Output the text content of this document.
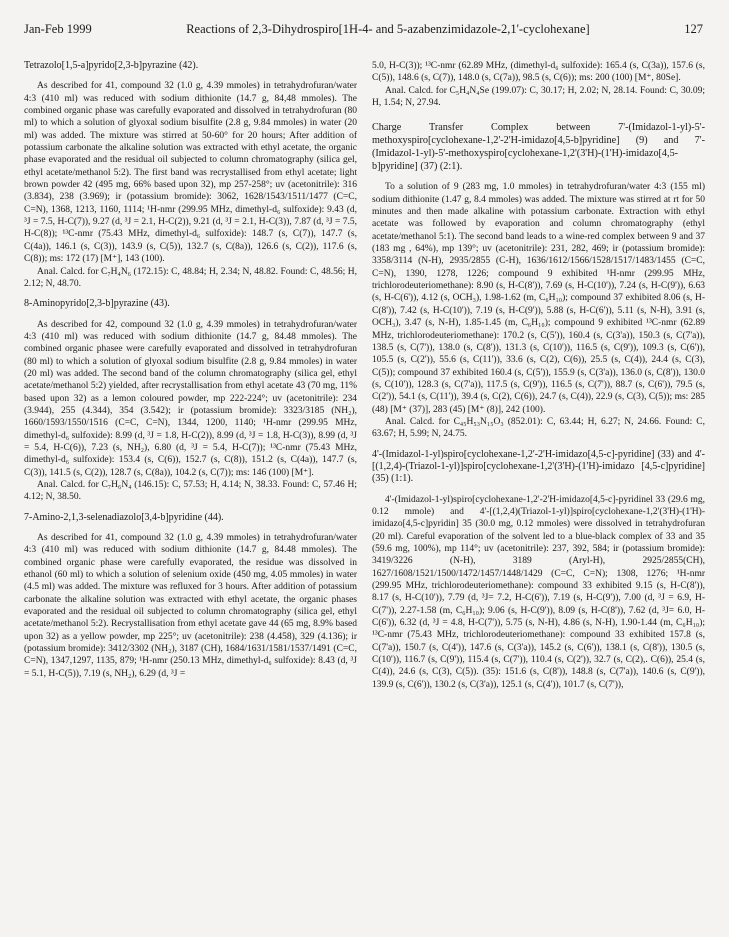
Jan-Feb 1999	Reactions of 2,3-Dihydrospiro[1H-4- and 5-azabenzimidazole-2,1'-cyclohexane]	127

Tetrazolo[1,5-a]pyrido[2,3-b]pyrazine (42).

As described for 41, compound 32 (1.0 g, 4.39 mmoles) in tetrahydrofuran/water 4:3 (410 ml) was reduced with sodium dithionite (14.7 g, 84,48 mmoles). The combined organic phase was carefully evaporated and dissolved in tetrahydrofuran (80 ml) to which a solution of glyoxal sodium bisulfite (2.8 g, 9.84 mmoles) in water (20 ml) was added. The mixture was stirred at 50-60° for 20 hours; After addition of potassium carbonate the alkaline solution was extracted with ethyl acetate, the organic phase evaporated and the residual oil subjected to column chromatography (silica gel, ethyl acetate/methanol 5:2). The first band was recrystallised from ethyl acetate; light brown powder 42 (495 mg, 66% based upon 32), mp 257-258°; uv (acetonitrile): 316 (3.834), 238 (3.969); ir (potassium bromide): 3062, 1628/1543/1511/1477 (C=C, C=N), 1368, 1213, 1160, 1114; ¹H-nmr (299.95 MHz, dimethyl-d₆ sulfoxide): 9.43 (d, ³J = 7.5, H-C(7)), 9.27 (d, ³J = 2.1, H-C(2)), 9.21 (d, ³J = 2.1, H-C(3)), 7.87 (d, ³J = 7.5, H-C(8)); ¹³C-nmr (75.43 MHz, dimethyl-d₆ sulfoxide): 148.7 (s, C(7)), 147.7 (s, C(4a)), 146.1 (s, C(3)), 143.9 (s, C(5)), 132.7 (s, C(8a)), 126.6 (s, C(2)), 117.6 (s, C(8)); ms: 172 (17) [M⁺], 143 (100).

Anal. Calcd. for C₇H₄N₆ (172.15): C, 48.84; H, 2.34; N, 48.82. Found: C, 48.56; H, 2.12; N, 48.70.

8-Aminopyrido[2,3-b]pyrazine (43).

As described for 42, compound 32 (1.0 g, 4.39 mmoles) in tetrahydrofuran/water 4:3 (410 ml) was reduced with sodium dithionite (14.7 g, 84.48 mmoles). The combined organic phasee were carefully evaporated and dissolved in tetrahydrofuran (80 ml) to which a solution of glyoxal sodium bisulfite (2.8 g, 9.84 mmoles) in water (20 ml) was added. The second band of the column chromatography (silica gel, ethyl acetate/methanol 5:2) yielded, after recrystallisation from ethyl acetate 43 (70 mg, 11% based upon 32) as a lemon coloured powder, mp 222-224°; uv (acetonitrile): 234 (3.944), 255 (4.344), 354 (3.542); ir (potassium bromide): 3323/3185 (NH₂), 1660/1593/1550/1516 (C=C, C=N), 1344, 1200, 1140; ¹H-nmr (299.95 MHz, dimethyl-d₆ sulfoxide): 8.99 (d, ³J = 1.8, H-C(2)), 8.99 (d, ³J = 1.8, H-C(3)), 8.99 (d, ³J = 5.4, H-C(6)), 7.23 (s, NH₂), 6.80 (d, ³J = 5.4, H-C(7)); ¹³C-nmr (75.43 MHz, dimethyl-d₆ sulfoxide): 153.4 (s, C(6)), 152.7 (s, C(8)), 151.2 (s, C(4a)), 147.7 (s, C(3)), 141.5 (s, C(2)), 128.7 (s, C(8a)), 104.2 (s, C(7)); ms: 146 (100) [M⁺].

Anal. Calcd. for C₇H₆N₄ (146.15): C, 57.53; H, 4.14; N, 38.33. Found: C, 57.46 H; 4.12; N, 38.50.

7-Amino-2,1,3-selenadiazolo[3,4-b]pyridine (44).

As described for 41, compound 32 (1.0 g, 4.39 mmoles) in tetrahydrofuran/water 4:3 (410 ml) was reduced with sodium dithionite (14.7 g, 84.48 mmoles). The combined organic phase were carefully evaporated, the residue was dissolved in ethanol (60 ml) to which a solution of selenium oxide (450 mg, 4.05 mmoles) in water (4.5 ml) was added. The mixture was refluxed for 3 hours. After addition of potassium carbonate the alkaline solution was extracted with ethyl acetate, the organic phases evaporated and the residual oil subjected to column chromatography (silica gel, ethyl acetate/methanol 5:2). Recrystallisation from ethyl acetate gave 44 (65 mg, 8.9% based upon 32) as a yellow powder, mp 225°; uv (acetonitrile): 238 (4.458), 329 (4.136); ir (potassium bromide): 3412/3302 (NH₂), 3187 (CH), 1684/1631/1581/1537/1491 (C=C, C=N), 1347,1297, 1135, 879; ¹H-nmr (250.13 MHz, dimethyl-d₆ sulfoxide): 8.43 (d, ³J = 5.1, H-C(5)), 7.19 (s, NH₂), 6.29 (d, ³J =

5.0, H-C(3)); ¹³C-nmr (62.89 MHz, (dimethyl-d₆ sulfoxide): 165.4 (s, C(3a)), 157.6 (s, C(5)), 148.6 (s, C(7)), 148.0 (s, C(7a)), 98.5 (s, C(6)); ms: 200 (100) [M⁺, 80Se].

Anal. Calcd. for C₅H₄N₄Se (199.07): C, 30.17; H, 2.02; N, 28.14. Found: C, 30.09; H, 1.54; N, 27.94.

Charge Transfer Complex between 7'-(Imidazol-1-yl)-5'-methoxyspiro[cyclohexane-1,2'-2'H-imidazo[4,5-b]pyridine] (9) and 7'-(Imidazol-1-yl)-5'-methoxyspiro[cyclohexane-1,2'(3'H)-(1'H)-imidazo[4,5-b]pyridine] (37) (2:1).

To a solution of 9 (283 mg, 1.0 mmoles) in tetrahydrofuran/water 4:3 (155 ml) sodium dithionite (1.47 g, 8.4 mmoles) was added. The mixture was stirred at rt for 50 minutes and then made alkaline with potassium carbonate. Extraction with ethyl acetate was followed by evaporation and column chromatography (ethyl acetate/methanol 5:1). The second band leads to a wine-red complex between 9 and 37 (183 mg , 64%), mp 139°; uv (acetonitrile): 231, 282, 469; ir (potassium bromide): 3358/3114 (N-H), 2935/2855 (C-H), 1636/1612/1566/1528/1517/1483/1455 (C=C, C=N), 1390, 1278, 1226; compound 9 exhibited ¹H-nmr (299.95 MHz, trichlorodeuteriomethane): 8.90 (s, H-C(8')), 7.69 (s, H-C(10')), 7.24 (s, H-C(9')), 6.63 (s, H-C(6')), 4.12 (s, OCH₃), 1.98-1.62 (m, C₆H₁₀); compound 37 exhibited 8.06 (s, H-C(8')), 7.42 (s, H-C(10')), 7.19 (s, H-C(9')), 5.88 (s, H-C(6')), 5.11 (s, N-H), 3.91 (s, OCH₃), 3.47 (s, N-H), 1.85-1.45 (m, C₆H₁₀); compound 9 exhibited ¹³C-nmr (62.89 MHz, trichlorodeuteriomethane): 170.2 (s, C(5')), 160.4 (s, C(3'a)), 150.3 (s, C(7'a)), 138.5 (s, C(7')), 138.0 (s, C(8')), 131.3 (s, C(10')), 116.5 (s, C(9')), 109.3 (s, C(6')), 105.5 (s, C(2')), 55.6 (s, C(11')), 33.6 (s, C(2), C(6)), 25.5 (s, C(4)), 24.4 (s, C(3), C(5)); compound 37 exhibited 160.4 (s, C(5')), 155.9 (s, C(3'a)), 136.0 (s, C(8')), 130.0 (s, C(10')), 128.3 (s, C(7'a)), 117.5 (s, C(9')), 116.5 (s, C(7')), 88.7 (s, C(6')), 79.5 (s, C(2')), 54.1 (s, C(11')), 39.4 (s, C(2), C(6)), 24.7 (s, C(4)), 22.9 (s, C(3), C(5)); ms: 285 (48) [M⁺ (37)], 283 (45) [M⁺ (8)], 242 (100).

Anal. Calcd. for C₄₅H₅₃N₁₅O₃ (852.01): C, 63.44; H, 6.27; N, 24.66. Found: C, 63.67; H, 5.99; N, 24.75.

4'-(Imidazol-1-yl)spiro[cyclohexane-1,2'-2'H-imidazo[4,5-c]-pyridine] (33) and 4'-[(1,2,4)-(Triazol-1-yl)]spiro[cyclohexane-1,2'(3'H)-(1'H)-imidazo [4,5-c]pyridine] (35) (1:1).

4'-(Imidazol-1-yl)spiro[cyclohexane-1,2'-2'H-imidazo[4,5-c]-pyridinel 33 (29.6 mg, 0.12 mmole) and 4'-[(1,2,4)(Triazol-1-yl)]spiro[cyclohexane-1,2'(3'H)-(1'H)-imidazo[4,5-c]pyridin] 35 (30.0 mg, 0.12 mmoles) were dissolved in tetrahydrofuran (20 ml). Careful evaporation of the solvent led to a blue-black complex of 33 and 35 (59.6 mg, 100%), mp 114°; uv (acetonitrile): 237, 392, 584; ir (potassium bromide): 3419/3226 (N-H), 3189 (Aryl-H), 2925/2855(CH), 1627/1608/1521/1500/1472/1457/1448/1429 (C=C, C=N); 1308, 1276; ¹H-nmr (299.95 MHz, trichlorodeuteriomethane): compound 33 exhibited 9.15 (s, H-C(8')), 8.17 (s, H-C(10')), 7.79 (d, ³J= 7.2, H-C(6')), 7.19 (s, H-C(9')), 7.00 (d, ³J = 6.9, H-C(7')), 2.27-1.58 (m, C₆H₁₀); 9.06 (s, H-C(9')), 8.09 (s, H-C(8')), 7.62 (d, ³J= 6.0, H-C(6')), 6.32 (d, ³J = 4.8, H-C(7')), 5.75 (s, N-H), 4.86 (s, N-H), 1.90-1.44 (m, C₆H₁₀); ¹³C-nmr (75.43 MHz, trichlorodeuteriomethane): compound 33 exhibited 157.8 (s, C(7'a)), 150.7 (s, C(4')), 147.6 (s, C(3'a)), 145.2 (s, C(6')), 138.1 (s, C(8')), 130.5 (s, C(10')), 116.7 (s, C(9')), 115.4 (s, C(7')), 110.4 (s, C(2')), 32.7 (s, C(2),. C(6)), 25.4 (s, C(4)), 24.6 (s, C(3), C(5)). (35): 151.6 (s, C(8')), 148.8 (s, C(7'a)), 140.6 (s, C(9')), 139.9 (s, C(6')), 130.2 (s, C(3'a)), 125.1 (s, C(4')), 101.7 (s, C(7')),
